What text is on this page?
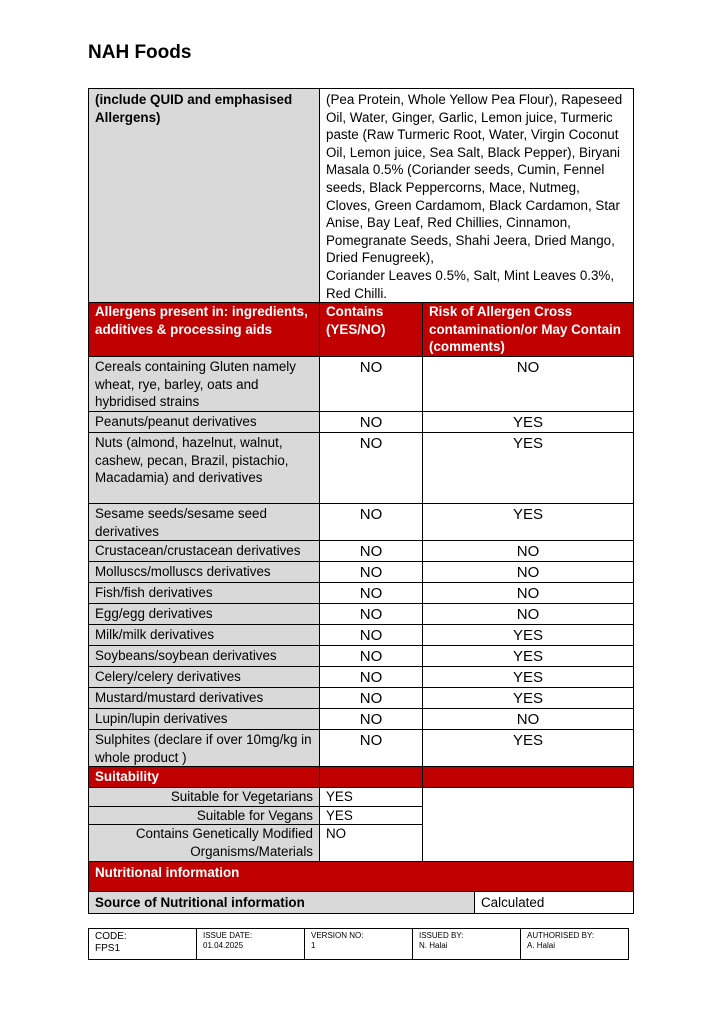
NAH Foods
(include QUID and emphasised Allergens)	(Pea Protein, Whole Yellow Pea Flour), Rapeseed Oil, Water, Ginger, Garlic, Lemon juice, Turmeric paste (Raw Turmeric Root, Water, Virgin Coconut Oil, Lemon juice, Sea Salt, Black Pepper), Biryani Masala 0.5% (Coriander seeds, Cumin, Fennel seeds, Black Peppercorns, Mace, Nutmeg, Cloves, Green Cardamom, Black Cardamon, Star Anise, Bay Leaf, Red Chillies, Cinnamon, Pomegranate Seeds, Shahi Jeera, Dried Mango, Dried Fenugreek),
Coriander Leaves 0.5%, Salt, Mint Leaves 0.3%, Red Chilli.		
Allergens present in: ingredients, additives & processing aids	Contains (YES/NO)	Risk of Allergen Cross contamination/or May Contain (comments)	
Cereals containing Gluten namely wheat, rye, barley, oats and hybridised strains	NO	NO	
Peanuts/peanut derivatives	NO	YES	
Nuts (almond, hazelnut, walnut, cashew, pecan, Brazil, pistachio, Macadamia) and derivatives	NO	YES	
Sesame seeds/sesame seed derivatives	NO	YES	
Crustacean/crustacean derivatives	NO	NO	
Molluscs/molluscs derivatives	NO	NO	
Fish/fish derivatives	NO	NO	
Egg/egg derivatives	NO	NO	
Milk/milk derivatives	NO	YES	
Soybeans/soybean derivatives	NO	YES	
Celery/celery derivatives	NO	YES	
Mustard/mustard derivatives	NO	YES	
Lupin/lupin derivatives	NO	NO	
Sulphites (declare if over 10mg/kg in whole product )	NO	YES	
Suitability			
Suitable for Vegetarians	YES		
Suitable for Vegans	YES		
Contains Genetically Modified Organisms/Materials	NO		
Nutritional information			
Source of Nutritional information			Calculated
CODE:
FPS1

ISSUE DATE:
01.04.2025

VERSION NO:
1

ISSUED BY:
N. Halai

AUTHORISED BY:
A. Halai
